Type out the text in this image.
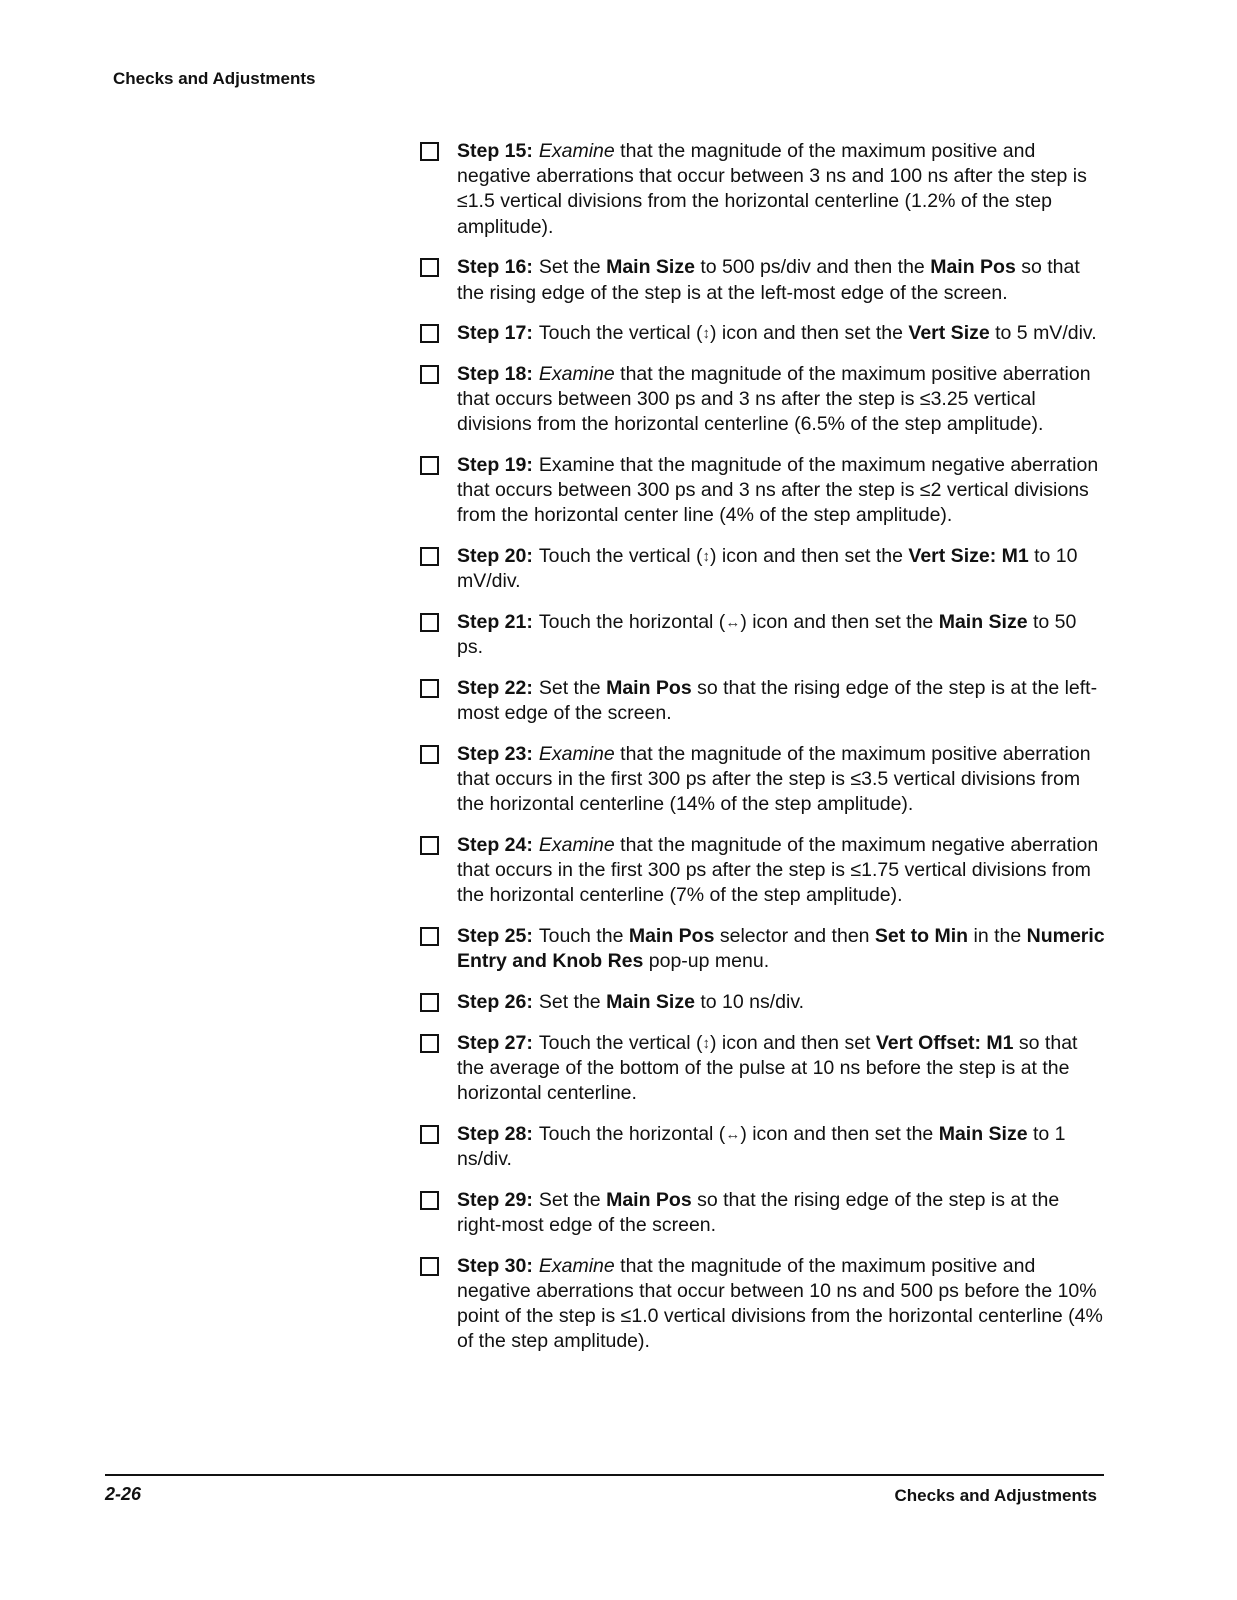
Checks and Adjustments
Step 15: Examine that the magnitude of the maximum positive and negative aberrations that occur between 3 ns and 100 ns after the step is ≤1.5 vertical divisions from the horizontal centerline (1.2% of the step amplitude).
Step 16: Set the Main Size to 500 ps/div and then the Main Pos so that the rising edge of the step is at the left-most edge of the screen.
Step 17: Touch the vertical (↕) icon and then set the Vert Size to 5 mV/div.
Step 18: Examine that the magnitude of the maximum positive aberration that occurs between 300 ps and 3 ns after the step is ≤3.25 vertical divisions from the horizontal centerline (6.5% of the step amplitude).
Step 19: Examine that the magnitude of the maximum negative aberration that occurs between 300 ps and 3 ns after the step is ≤2 vertical divisions from the horizontal center line (4% of the step amplitude).
Step 20: Touch the vertical (↕) icon and then set the Vert Size: M1 to 10 mV/div.
Step 21: Touch the horizontal (↔) icon and then set the Main Size to 50 ps.
Step 22: Set the Main Pos so that the rising edge of the step is at the left-most edge of the screen.
Step 23: Examine that the magnitude of the maximum positive aberration that occurs in the first 300 ps after the step is ≤3.5 vertical divisions from the horizontal centerline (14% of the step amplitude).
Step 24: Examine that the magnitude of the maximum negative aberration that occurs in the first 300 ps after the step is ≤1.75 vertical divisions from the horizontal centerline (7% of the step amplitude).
Step 25: Touch the Main Pos selector and then Set to Min in the Numeric Entry and Knob Res pop-up menu.
Step 26: Set the Main Size to 10 ns/div.
Step 27: Touch the vertical (↕) icon and then set Vert Offset: M1 so that the average of the bottom of the pulse at 10 ns before the step is at the horizontal centerline.
Step 28: Touch the horizontal (↔) icon and then set the Main Size to 1 ns/div.
Step 29: Set the Main Pos so that the rising edge of the step is at the right-most edge of the screen.
Step 30: Examine that the magnitude of the maximum positive and negative aberrations that occur between 10 ns and 500 ps before the 10% point of the step is ≤1.0 vertical divisions from the horizontal centerline (4% of the step amplitude).
2-26	Checks and Adjustments
